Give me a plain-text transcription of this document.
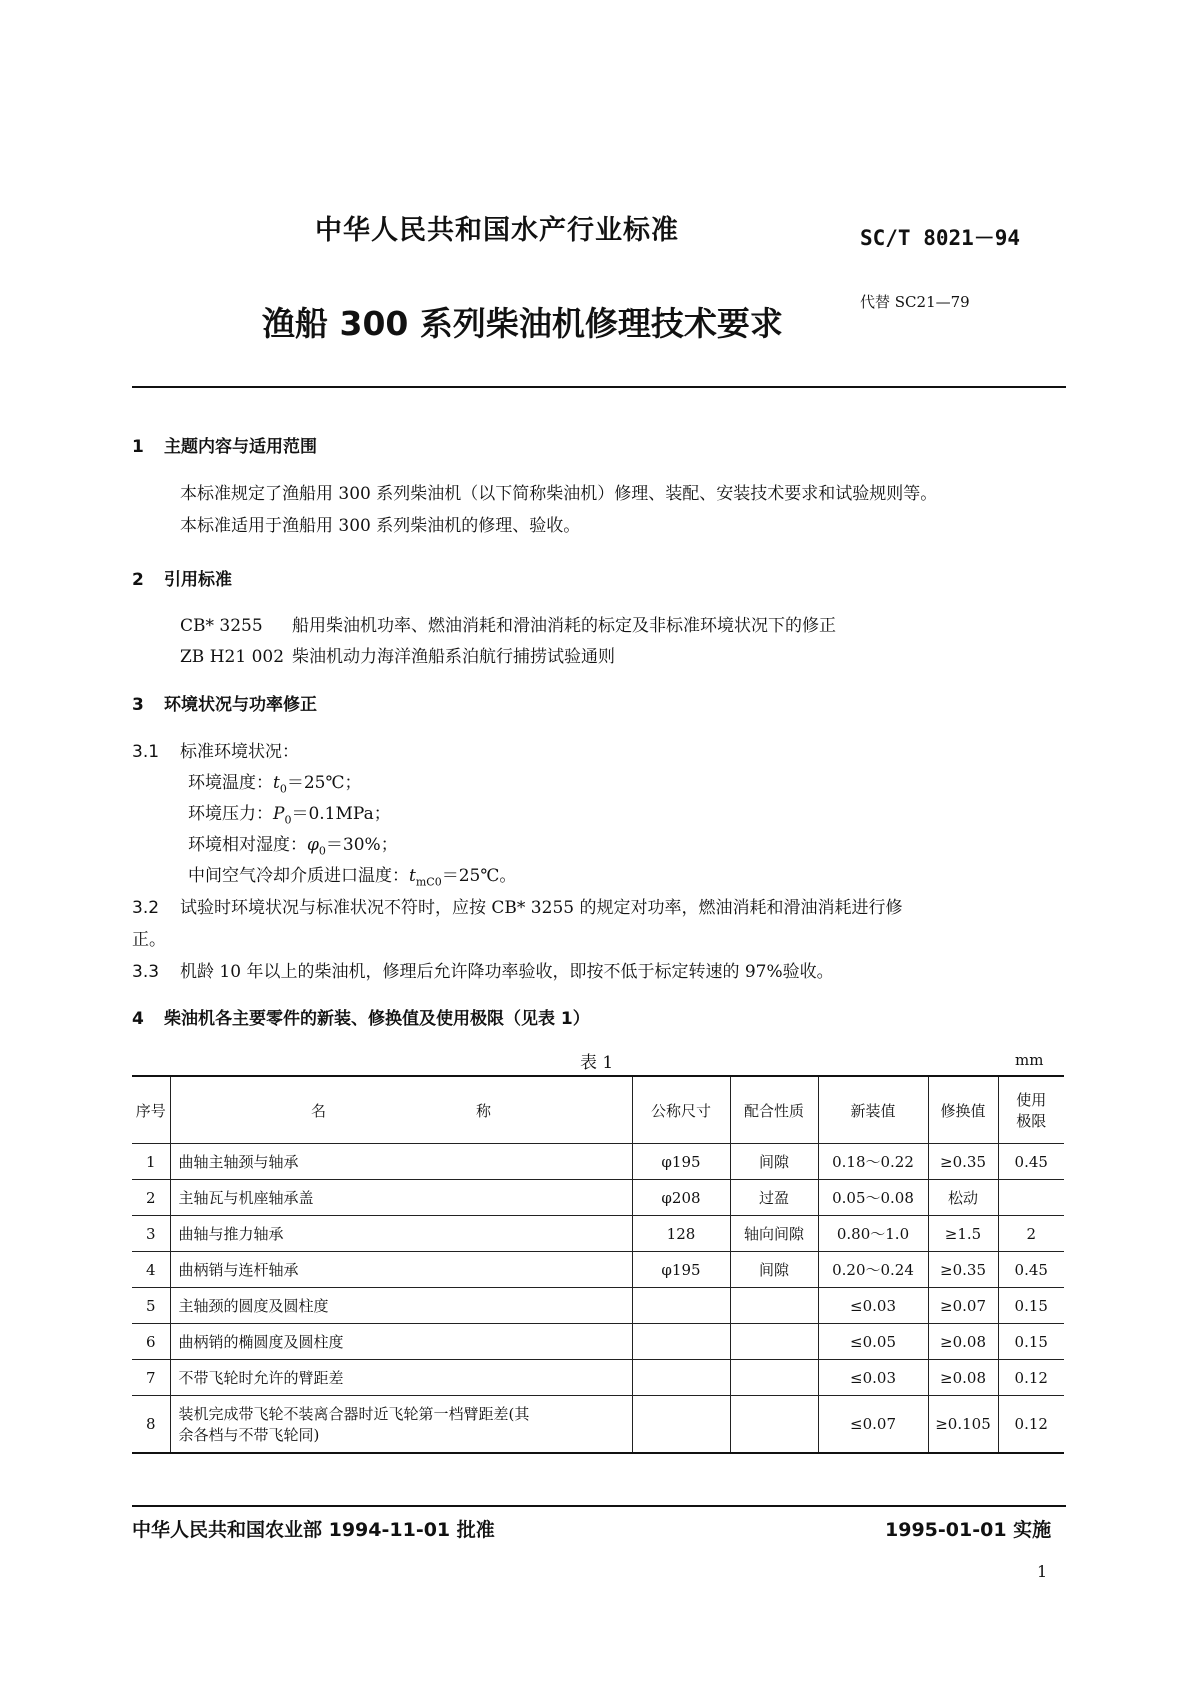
中华人民共和国水产行业标准	SC/T 8021－94
渔船 300 系列柴油机修理技术要求
代替 SC21—79
1 主题内容与适用范围
本标准规定了渔船用 300 系列柴油机（以下简称柴油机）修理、装配、安装技术要求和试验规则等。
本标准适用于渔船用 300 系列柴油机的修理、验收。
2 引用标准
CB* 3255 船用柴油机功率、燃油消耗和滑油消耗的标定及非标准环境状况下的修正
ZB H21 002 柴油机动力海洋渔船系泊航行捕捞试验通则
3 环境状况与功率修正
3.1 标准环境状况：
环境温度：$t_0=25℃$；
环境压力：$P_0=0.1MPa$；
环境相对湿度：$\varphi_0=30\%$；
中间空气冷却介质进口温度：$t_{mC0}=25℃$。
3.2 试验时环境状况与标准状况不符时，应按 CB* 3255 的规定对功率，燃油消耗和滑油消耗进行修
正。
3.3 机龄 10 年以上的柴油机，修理后允许降功率验收，即按不低于标定转速的 97%验收。
4 柴油机各主要零件的新装、修换值及使用极限（见表 1）
表 1	mm
序号	名 称	公称尺寸	配合性质	新装值	修换值	使用
极限
1	曲轴主轴颈与轴承	φ195	间隙	0.18～0.22	≥0.35	0.45
2	主轴瓦与机座轴承盖	φ208	过盈	0.05～0.08	松动	
3	曲轴与推力轴承	128	轴向间隙	0.80～1.0	≥1.5	2
4	曲柄销与连杆轴承	φ195	间隙	0.20～0.24	≥0.35	0.45
5	主轴颈的圆度及圆柱度			≤0.03	≥0.07	0.15
6	曲柄销的椭圆度及圆柱度			≤0.05	≥0.08	0.15
7	不带飞轮时允许的臂距差			≤0.03	≥0.08	0.12
8	装机完成带飞轮不装离合器时近飞轮第一档臂距差(其
余各档与不带飞轮同)			≤0.07	≥0.105	0.12
中华人民共和国农业部 1994-11-01 批准	1995-01-01 实施
1
